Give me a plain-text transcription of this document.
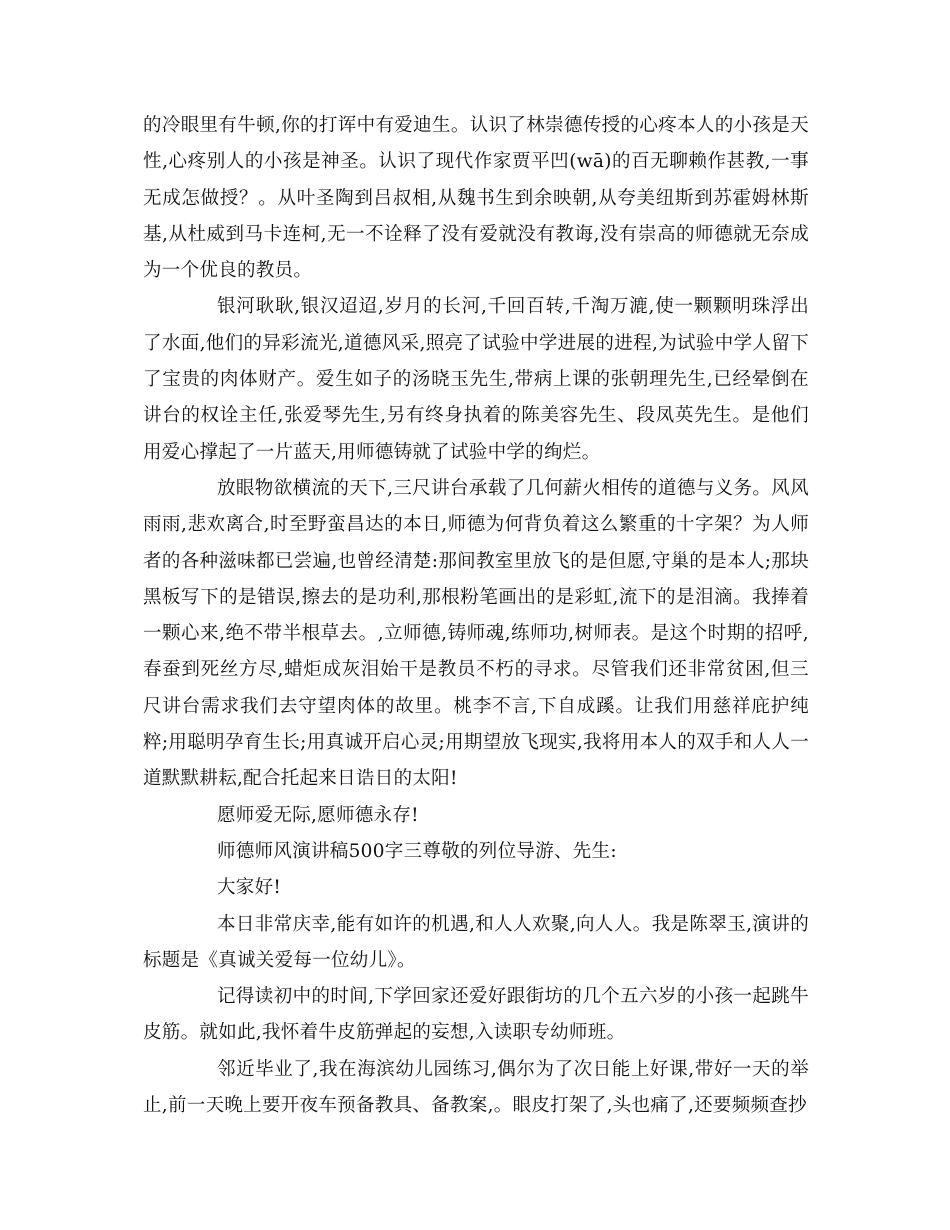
的冷眼里有牛顿,你的打诨中有爱迪生。认识了林崇德传授的心疼本人的小孩是天性,心疼别人的小孩是神圣。认识了现代作家贾平凹(wā)的百无聊赖作甚教,一事无成怎做授？。从叶圣陶到吕叔相,从魏书生到余映朝,从夸美纽斯到苏霍姆林斯基,从杜威到马卡连柯,无一不诠释了没有爱就没有教诲,没有崇高的师德就无奈成为一个优良的教员。

银河耿耿,银汉迢迢,岁月的长河,千回百转,千淘万漉,使一颗颗明珠浮出了水面,他们的异彩流光,道德风采,照亮了试验中学进展的进程,为试验中学人留下了宝贵的肉体财产。爱生如子的汤晓玉先生,带病上课的张朝理先生,已经晕倒在讲台的权诠主任,张爱琴先生,另有终身执着的陈美容先生、段凤英先生。是他们用爱心撑起了一片蓝天,用师德铸就了试验中学的绚烂。

放眼物欲横流的天下,三尺讲台承载了几何薪火相传的道德与义务。风风雨雨,悲欢离合,时至野蛮昌达的本日,师德为何背负着这么繁重的十字架？为人师者的各种滋味都已尝遍,也曾经清楚:那间教室里放飞的是但愿,守巢的是本人;那块黑板写下的是错误,擦去的是功利,那根粉笔画出的是彩虹,流下的是泪滴。我捧着一颗心来,绝不带半根草去。,立师德,铸师魂,练师功,树师表。是这个时期的招呼,春蚕到死丝方尽,蜡炬成灰泪始干是教员不朽的寻求。尽管我们还非常贫困,但三尺讲台需求我们去守望肉体的故里。桃李不言,下自成蹊。让我们用慈祥庇护纯粹;用聪明孕育生长;用真诚开启心灵;用期望放飞现实,我将用本人的双手和人人一道默默耕耘,配合托起来日诰日的太阳!

愿师爱无际,愿师德永存!

师德师风演讲稿500字三尊敬的列位导游、先生:

大家好!

本日非常庆幸,能有如许的机遇,和人人欢聚,向人人。我是陈翠玉,演讲的标题是《真诚关爱每一位幼儿》。

记得读初中的时间,下学回家还爱好跟街坊的几个五六岁的小孩一起跳牛皮筋。就如此,我怀着牛皮筋弹起的妄想,入读职专幼师班。

邻近毕业了,我在海滨幼儿园练习,偶尔为了次日能上好课,带好一天的举止,前一天晚上要开夜车预备教具、备教案,。眼皮打架了,头也痛了,还要频频查抄
